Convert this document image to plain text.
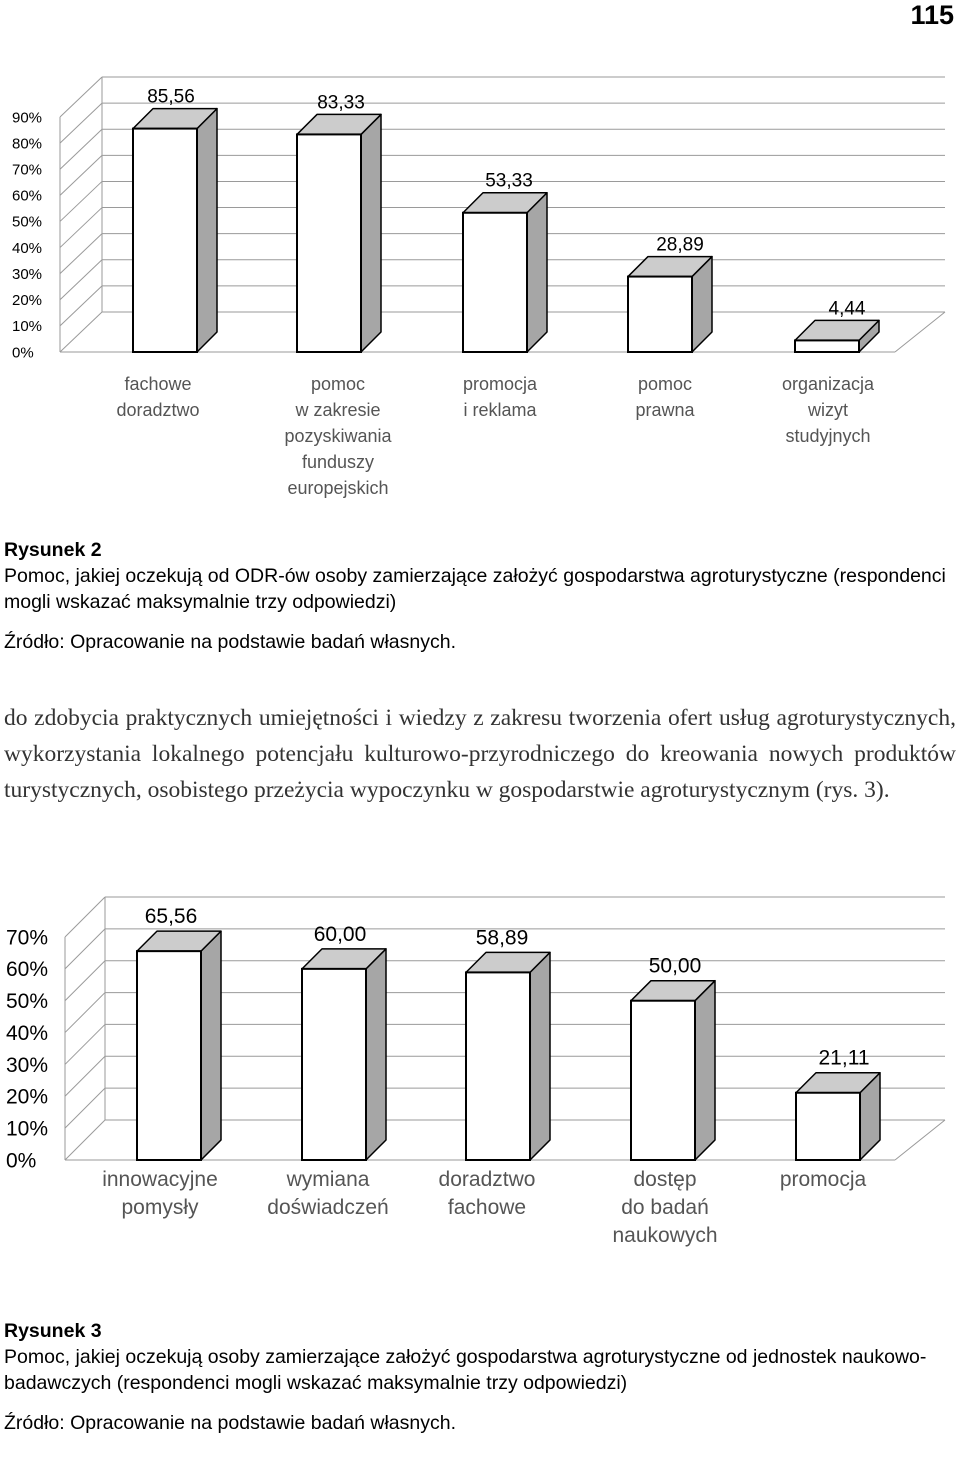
115
0%
10%
20%
30%
40%
50%
60%
70%
80%
90%
85,56
fachowe
doradztwo
83,33
pomoc
w zakresie
pozyskiwania
funduszy
europejskich
53,33
promocja
i reklama
28,89
pomoc
prawna
4,44
organizacja
wizyt
studyjnych
Rysunek 2
Pomoc, jakiej oczekują od ODR-ów osoby zamierzające założyć gospodarstwa agroturystyczne (respondenci mogli wskazać maksymalnie trzy odpowiedzi)
Źródło: Opracowanie na podstawie badań własnych.
do zdobycia praktycznych umiejętności i wiedzy z zakresu tworzenia ofert usług agroturystycznych, wykorzystania lokalnego potencjału kulturowo-przyrodniczego do kreowania nowych produktów turystycznych, osobistego przeżycia wypoczynku w gospodarstwie agroturystycznym (rys. 3).
0%
10%
20%
30%
40%
50%
60%
70%
65,56
innowacyjne
pomysły
60,00
wymiana
doświadczeń
58,89
doradztwo
fachowe
50,00
dostęp
do badań
naukowych
21,11
promocja
Rysunek 3
Pomoc, jakiej oczekują osoby zamierzające założyć gospodarstwa agroturystyczne od jednostek naukowo-badawczych (respondenci mogli wskazać maksymalnie trzy odpowiedzi)
Źródło: Opracowanie na podstawie badań własnych.
